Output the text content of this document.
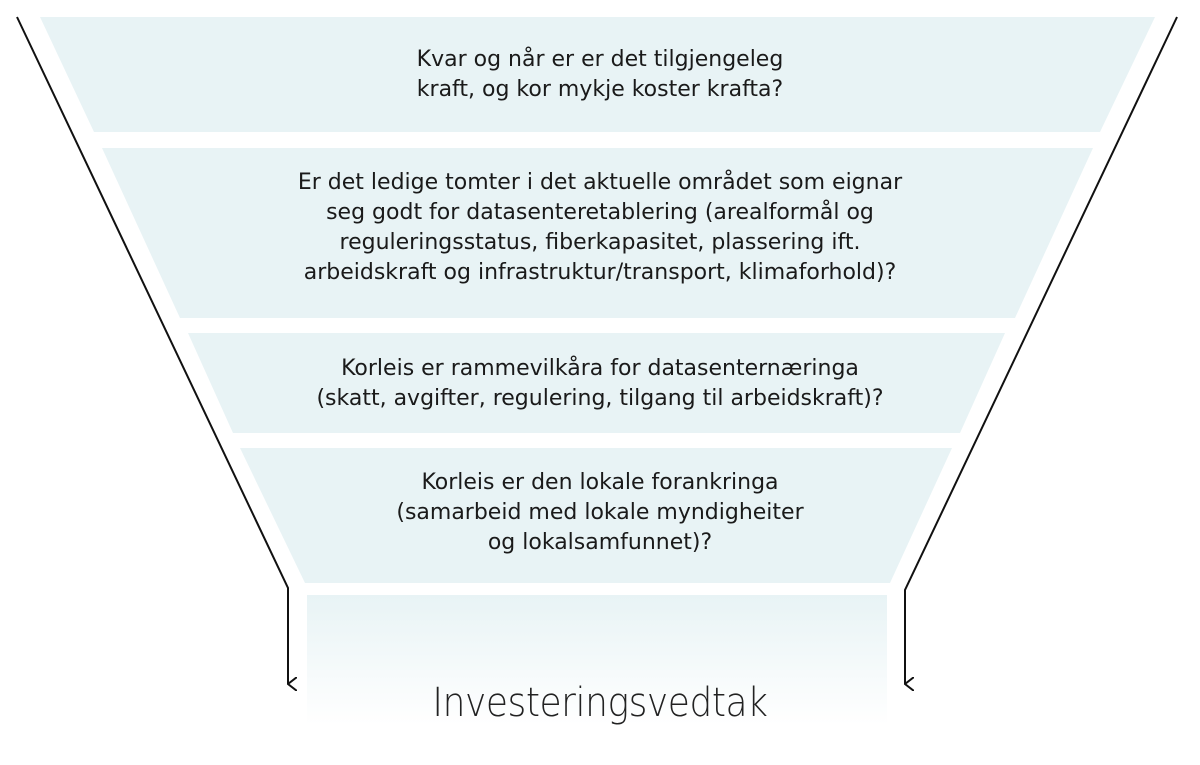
Kvar og når er er det tilgjengeleg
kraft, og kor mykje koster krafta?
Er det ledige tomter i det aktuelle området som eignar
seg godt for datasenteretablering (arealformål og
reguleringsstatus, fiberkapasitet, plassering ift.
arbeidskraft og infrastruktur/transport, klimaforhold)?
Korleis er rammevilkåra for datasenternæringa
(skatt, avgifter, regulering, tilgang til arbeidskraft)?
Korleis er den lokale forankringa
(samarbeid med lokale myndigheiter
og lokalsamfunnet)?
Investeringsvedtak
